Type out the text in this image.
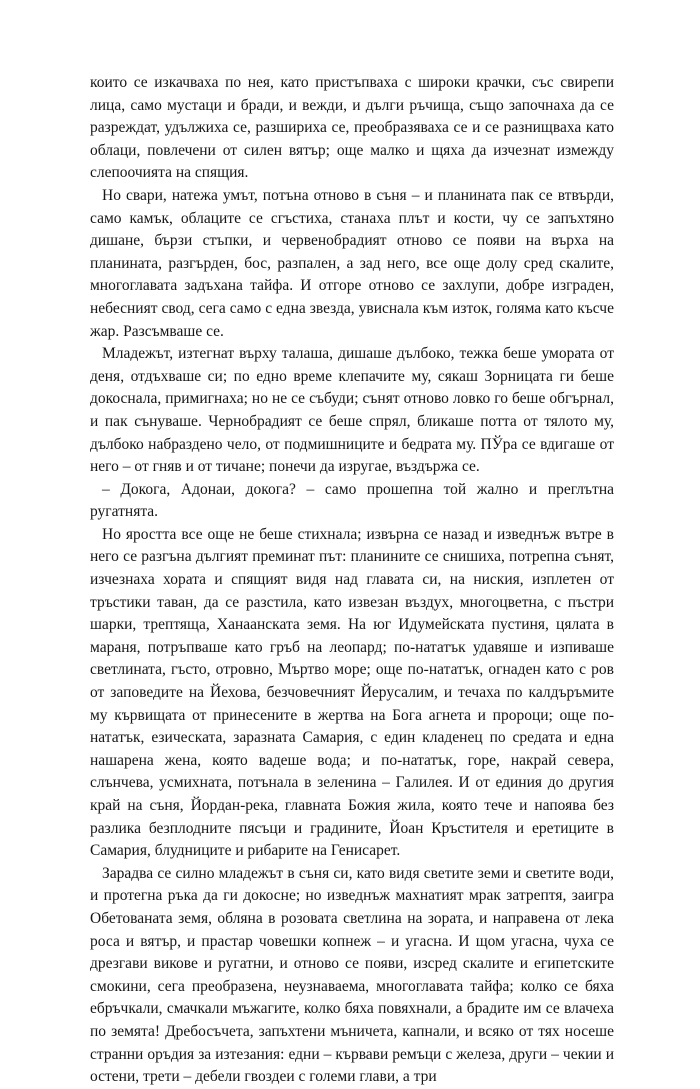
които се изкачваха по нея, като пристъпваха с широки крачки, със свирепи лица, само мустаци и бради, и вежди, и дълги ръчища, също започнаха да се разреждат, удължиха се, разшириха се, преобразяваха се и се разнищваха като облаци, повлечени от силен вятър; още малко и щяха да изчезнат измежду слепоочията на спящия.

Но свари, натежа умът, потъна отново в съня – и планината пак се втвърди, само камък, облаците се сгъстиха, станаха плът и кости, чу се запъхтяно дишане, бързи стъпки, и червенобрадият отново се появи на върха на планината, разгърден, бос, разпален, а зад него, все още долу сред скалите, многоглавата задъхана тайфа. И отгоре отново се захлупи, добре изграден, небесният свод, сега само с една звезда, увиснала към изток, голяма като късче жар. Разсъмваше се.

Младежът, изтегнат върху талаша, дишаше дълбоко, тежка беше умората от деня, отдъхваше си; по едно време клепачите му, сякаш Зорницата ги беше докоснала, примигнаха; но не се събуди; сънят отново ловко го беше обгърнал, и пак сънуваше. Чернобрадият се беше спрял, бликаше потта от тялото му, дълбоко набраздено чело, от подмишниците и бедрата му. ПЎра се вдигаше от него – от гняв и от тичане; понечи да изругае, въздържа се.

– Докога, Адонаи, докога? – само прошепна той жално и преглътна ругатнята.

Но яростта все още не беше стихнала; извърна се назад и изведнъж вътре в него се разгъна дългият преминат път: планините се снишиха, потрепна сънят, изчезнаха хората и спящият видя над главата си, на ниския, изплетен от тръстики таван, да се разстила, като извезан въздух, многоцветна, с пъстри шарки, трептяща, Ханаанската земя. На юг Идумейската пустиня, цялата в мараня, потръпваше като гръб на леопард; по-нататък удавяше и изпиваше светлината, гъсто, отровно, Мъртво море; още по-нататък, огнаден като с ров от заповедите на Йехова, безчовечният Йерусалим, и течаха по калдъръмите му кървищата от принесените в жертва на Бога агнета и пророци; още по-нататък, езическата, заразната Самария, с един кладенец по средата и една нашарена жена, която вадеше вода; и по-нататък, горе, накрай севера, слънчева, усмихната, потънала в зеленина – Галилея. И от единия до другия край на съня, Йордан-река, главната Божия жила, която тече и напоява без разлика безплодните пясъци и градините, Йоан Кръстителя и еретиците в Самария, блудниците и рибарите на Генисарет.

Зарадва се силно младежът в съня си, като видя светите земи и светите води, и протегна ръка да ги докосне; но изведнъж махнатият мрак затрептя, заигра Обетованата земя, обляна в розовата светлина на зората, и направена от лека роса и вятър, и прастар човешки копнеж – и угасна. И щом угасна, чуха се дрезгави викове и ругатни, и отново се появи, изсред скалите и египетските смокини, сега преобразена, неузнаваема, многоглавата тайфа; колко се бяха ебръчкали, смачкали мъжагите, колко бяха повяхнали, а брадите им се влачеха по земята! Дребосъчета, запъхтени мъничета, капнали, и всяко от тях носеше странни оръдия за изтезания: едни – кървави ремъци с железа, други – чекии и остени, трети – дебели гвоздеи с големи глави, а три
